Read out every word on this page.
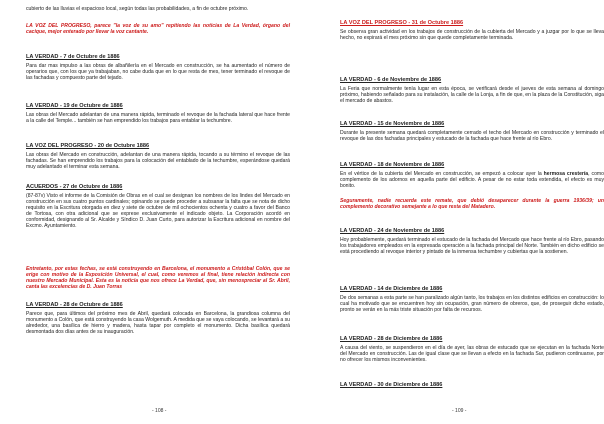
cubierto de las lluvias el espacioso local, según todas las probabilidades, a fin de octubre próximo.

LA VOZ DEL PROGRESO, parece "la voz de su amo" repitiendo las noticias de La Verdad, órgano del cacique, mejor enterado por llevar la voz cantante.

LA VERDAD - 7 de Octubre de 1886

Para dar mas impulso a las obras de albañilería en el Mercado en construcción, se ha aumentado el número de operarios que, con los que ya trabajaban, no cabe duda que en lo que resta de mes, tener terminado el revoque de las fachadas y compuesto parte del tejado.

LA VERDAD - 19 de Octubre de 1886

Las obras del Mercado adelantan de una manera rápida, terminado el revoque de la fachada lateral que hace frente a la calle del Temple... también se han emprendido los trabajos para entablar la techumbre.

LA VOZ DEL PROGRESO - 20 de Octubre 1886

Las obras del Mercado en construcción, adelantan de una manera rápida, tocando a su término el revoque de las fachadas. Se han emprendido los trabajos para la colocación del entablado de la techumbre, esperándose quedará muy adelantado el terminar esta semana.

ACUERDOS - 27 de Octubre de 1886

(87-87v) Visto el informe de la Comisión de Obras en el cual se designan los nombres de los lindes del Mercado en construcción en sus cuatro puntos cardinales; opinando se puede proceder a subsanar la falta que se nota de dicho requisito en la Escritura otorgada en diez y siete de octubre de mil ochocientos ochenta y cuatro a favor del Banco de Tortosa, con otra adicional que se exprese exclusivamente el indicado objeto. La Corporación acordó en conformidad, designando al Sr. Alcalde y Síndico D. Juan Curto, para autorizar la Escritura adicional en nombre del Excmo. Ayuntamiento.

Entretanto, por estas fechas, se está construyendo en Barcelona, el monumento a Cristóbal Colón, que se erige con motivo de la Exposición Universal, el cual, como veremos al final, tiene relación indirecta con nuestro Mercado Municipal. Esta es la noticia que nos ofrece La Verdad, que, sin menospreciar al Sr. Abril, canta las excelencias de D. Juan Torras

LA VERDAD - 28 de Octubre de 1886

Parece que, para últimos del próximo mes de Abril, quedará colocada en Barcelona, la grandiosa columna del monumento a Colón, que está construyendo la casa Wolgemuth. A medida que se vaya colocando, se levantará a su alrededor, una basílica de hierro y madera, hasta tapar por completo el monumento. Dicha basílica quedará desmontada dos días antes de su inauguración.

- 108 -

LA VOZ DEL PROGRESO - 31 de Octubre 1886

Se observa gran actividad en los trabajos de construcción de la cubierta del Mercado y a juzgar por lo que se lleva hecho, no expirará el mes próximo sin que quede completamente terminada.

LA VERDAD - 6 de Noviembre de 1886

La Feria que normalmente tenía lugar en esta época, se verificará desde el jueves de esta semana al domingo próximo, habiendo señalado para su instalación, la calle de la Lonja, a fin de que, en la plaza de la Constitución, siga el mercado de abastos.

LA VERDAD - 15 de Noviembre de 1886

Durante la presente semana quedará completamente cerrado el techo del Mercado en construcción y terminado el revoque de las dos fachadas principales y estucado de la fachada que hace frente al río Ebro.

LA VERDAD - 18 de Noviembre de 1886

En el vértice de la cubierta del Mercado en construcción, se empezó a colocar ayer la hermosa crestería, como complemento de los adornos en aquella parte del edificio. A pesar de no estar toda extendida, el efecto es muy bonito.

Seguramente, nadie recuerda este remate, que debió desaparecer durante la guerra 1936/39; un complemento decorativo semejante a lo que resta del Matadero.

LA VERDAD - 24 de Noviembre de 1886

Hoy probablemente, quedará terminado el estucado de la fachada del Mercado que hace frente al río Ebro, pasando los trabajadores empleados en la expresada operación a la fachada principal del Norte. También en dicho edificio se está procediendo al revoque interior y pintado de la inmensa techumbre y cubiertas que la sostienen.

LA VERDAD - 14 de Diciembre de 1886

De dos semanas a esta parte se han paralizado algún tanto, los trabajos en los distintos edificios en construcción: lo cual ha motivado que se encuentren hoy sin ocupación, gran número de obreros, que, de proseguir dicho estado, pronto se verán en la más triste situación por falta de recursos.

LA VERDAD - 28 de Diciembre de 1886

A causa del viento, se suspendieron en el día de ayer, las obras de estucado que se ejecutan en la fachada Norte del Mercado en construcción. Las de igual clase que se llevan a efecto en la fachada Sur, pudieron continuarse, por no ofrecer los mismos inconvenientes.

LA VERDAD - 30 de Diciembre de 1886

- 109 -
